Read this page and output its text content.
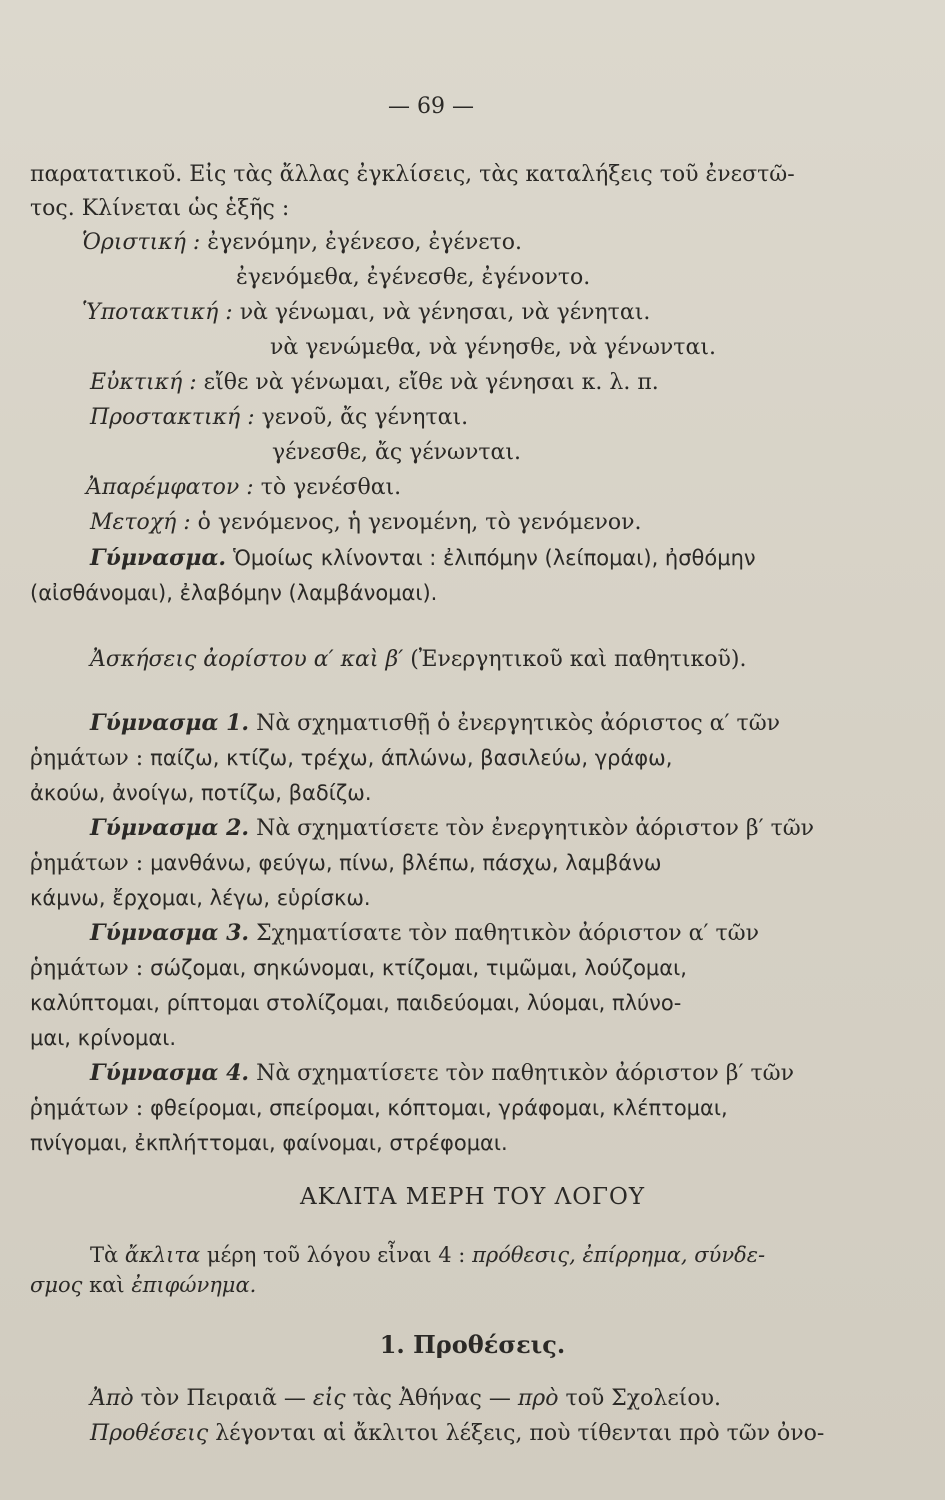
— 69 —
παρατατικοῦ. Εἰς τὰς ἄλλας ἐγκλίσεις, τὰς καταλήξεις τοῦ ἐνεστῶ-
τος. Κλίνεται ὡς ἑξῆς :
Ὁριστική : ἐγενόμην, ἐγένεσο, ἐγένετο.
ἐγενόμεθα, ἐγένεσθε, ἐγένοντο.
Ὑποτακτική : νὰ γένωμαι, νὰ γένησαι, νὰ γένηται.
νὰ γενώμεθα, νὰ γένησθε, νὰ γένωνται.
Εὐκτική : εἴθε νὰ γένωμαι, εἴθε νὰ γένησαι κ. λ. π.
Προστακτική : γενοῦ, ἄς γένηται.
γένεσθε, ἄς γένωνται.
Ἀπαρέμφατον : τὸ γενέσθαι.
Μετοχή : ὁ γενόμενος, ἡ γενομένη, τὸ γενόμενον.
Γύμνασμα. Ὁμοίως κλίνονται : ἐλιπόμην (λείπομαι), ἠσθόμην
(αἰσθάνομαι), ἐλαβόμην (λαμβάνομαι).
Ἀσκήσεις ἀορίστου α′ καὶ β′ (Ἐνεργητικοῦ καὶ παθητικοῦ).
Γύμνασμα 1. Νὰ σχηματισθῇ ὁ ἐνεργητικὸς ἀόριστος α′ τῶν
ῥημάτων : παίζω, κτίζω, τρέχω, άπλώνω, βασιλεύω, γράφω,
ἀκούω, ἀνοίγω, ποτίζω, βαδίζω.
Γύμνασμα 2. Νὰ σχηματίσετε τὸν ἐνεργητικὸν ἀόριστον β′ τῶν
ῥημάτων : μανθάνω, φεύγω, πίνω, βλέπω, πάσχω, λαμβάνω
κάμνω, ἔρχομαι, λέγω, εὑρίσκω.
Γύμνασμα 3. Σχηματίσατε τὸν παθητικὸν ἀόριστον α′ τῶν
ῥημάτων : σώζομαι, σηκώνομαι, κτίζομαι, τιμῶμαι, λούζομαι,
καλύπτομαι, ρίπτομαι στολίζομαι, παιδεύομαι, λύομαι, πλύνο-
μαι, κρίνομαι.
Γύμνασμα 4. Νὰ σχηματίσετε τὸν παθητικὸν ἀόριστον β′ τῶν
ῥημάτων : φθείρομαι, σπείρομαι, κόπτομαι, γράφομαι, κλέπτομαι,
πνίγομαι, ἐκπλήττομαι, φαίνομαι, στρέφομαι.
ΑΚΛΙΤΑ ΜΕΡΗ ΤΟΥ ΛΟΓΟΥ
Τὰ ἄκλιτα μέρη τοῦ λόγου εἶναι 4 : πρόθεσις, ἐπίρρημα, σύνδε-
σμος καὶ ἐπιφώνημα.
1. Προθέσεις.
Ἀπὸ τὸν Πειραιᾶ — εἰς τὰς Ἀθήνας — πρὸ τοῦ Σχολείου.
Προθέσεις λέγονται αἱ ἄκλιτοι λέξεις, ποὺ τίθενται πρὸ τῶν ὀνο-
